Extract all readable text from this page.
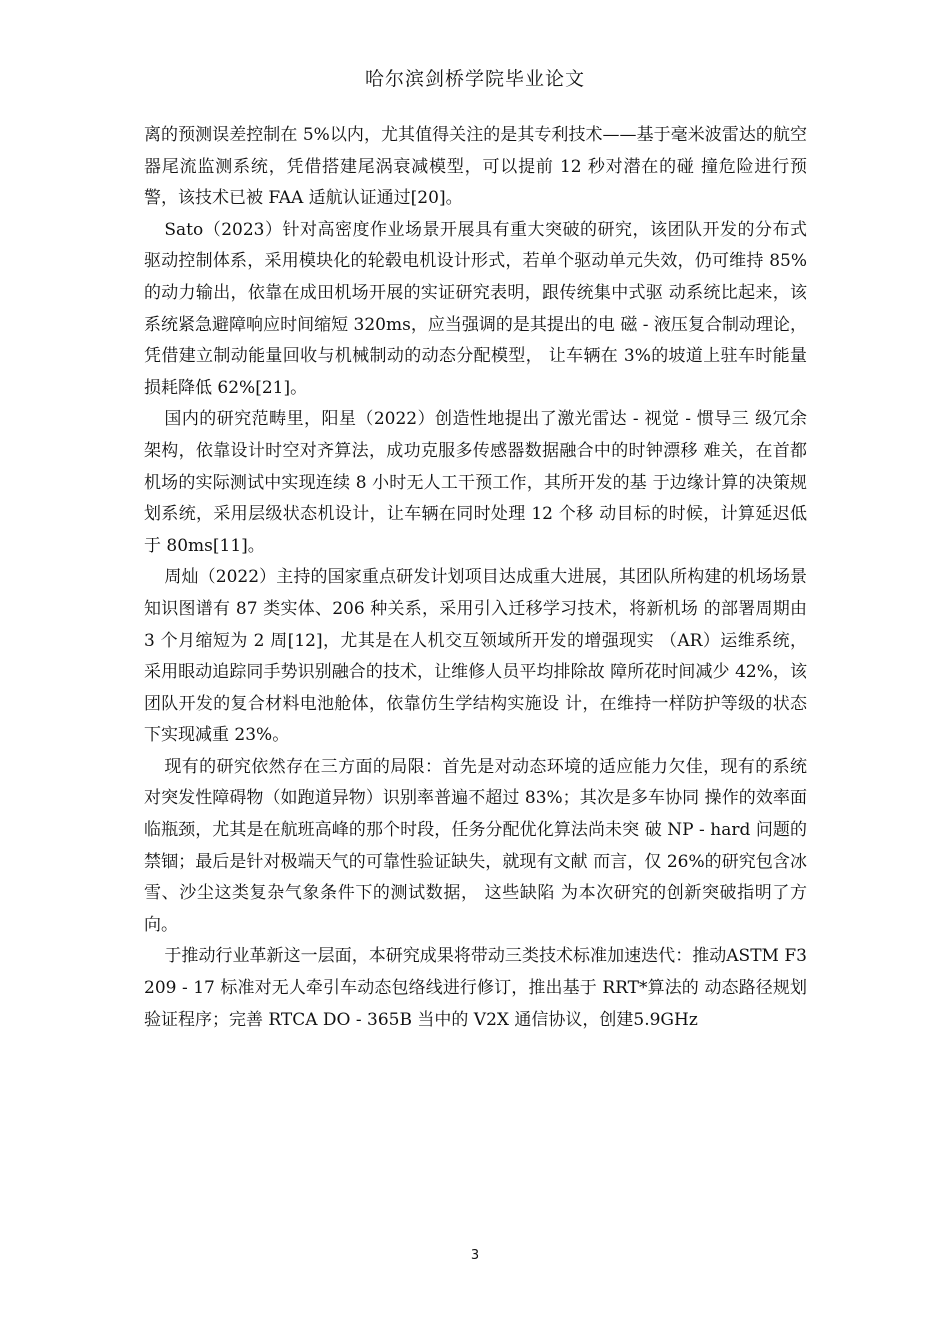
哈尔滨剑桥学院毕业论文

离的预测误差控制在 5%以内，尤其值得关注的是其专利技术——基于毫米波雷达的航空器尾流监测系统，凭借搭建尾涡衰减模型，可以提前 12 秒对潜在的碰 撞危险进行预警，该技术已被 FAA 适航认证通过[20]。

Sato（2023）针对高密度作业场景开展具有重大突破的研究，该团队开发的分布式驱动控制体系，采用模块化的轮毂电机设计形式，若单个驱动单元失效，仍可维持 85%的动力输出，依靠在成田机场开展的实证研究表明，跟传统集中式驱 动系统比起来，该系统紧急避障响应时间缩短 320ms，应当强调的是其提出的电 磁 - 液压复合制动理论，凭借建立制动能量回收与机械制动的动态分配模型， 让车辆在 3%的坡道上驻车时能量损耗降低 62%[21]。

国内的研究范畴里，阳星（2022）创造性地提出了激光雷达 - 视觉 - 惯导三 级冗余架构，依靠设计时空对齐算法，成功克服多传感器数据融合中的时钟漂移 难关，在首都机场的实际测试中实现连续 8 小时无人工干预工作，其所开发的基 于边缘计算的决策规划系统，采用层级状态机设计，让车辆在同时处理 12 个移 动目标的时候，计算延迟低于 80ms[11]。

周灿（2022）主持的国家重点研发计划项目达成重大进展，其团队所构建的机场场景知识图谱有 87 类实体、206 种关系，采用引入迁移学习技术，将新机场 的部署周期由 3 个月缩短为 2 周[12]，尤其是在人机交互领域所开发的增强现实 （AR）运维系统，采用眼动追踪同手势识别融合的技术，让维修人员平均排除故 障所花时间减少 42%，该团队开发的复合材料电池舱体，依靠仿生学结构实施设 计，在维持一样防护等级的状态下实现减重 23%。

现有的研究依然存在三方面的局限：首先是对动态环境的适应能力欠佳，现有的系统对突发性障碍物（如跑道异物）识别率普遍不超过 83%；其次是多车协同 操作的效率面临瓶颈，尤其是在航班高峰的那个时段，任务分配优化算法尚未突 破 NP - hard 问题的禁锢；最后是针对极端天气的可靠性验证缺失，就现有文献 而言，仅 26%的研究包含冰雪、沙尘这类复杂气象条件下的测试数据， 这些缺陷 为本次研究的创新突破指明了方向。

于推动行业革新这一层面，本研究成果将带动三类技术标准加速迭代：推动ASTM F3209 - 17 标准对无人牵引车动态包络线进行修订，推出基于 RRT*算法的 动态路径规划验证程序；完善 RTCA DO - 365B 当中的 V2X 通信协议，创建5.9GHz

3
